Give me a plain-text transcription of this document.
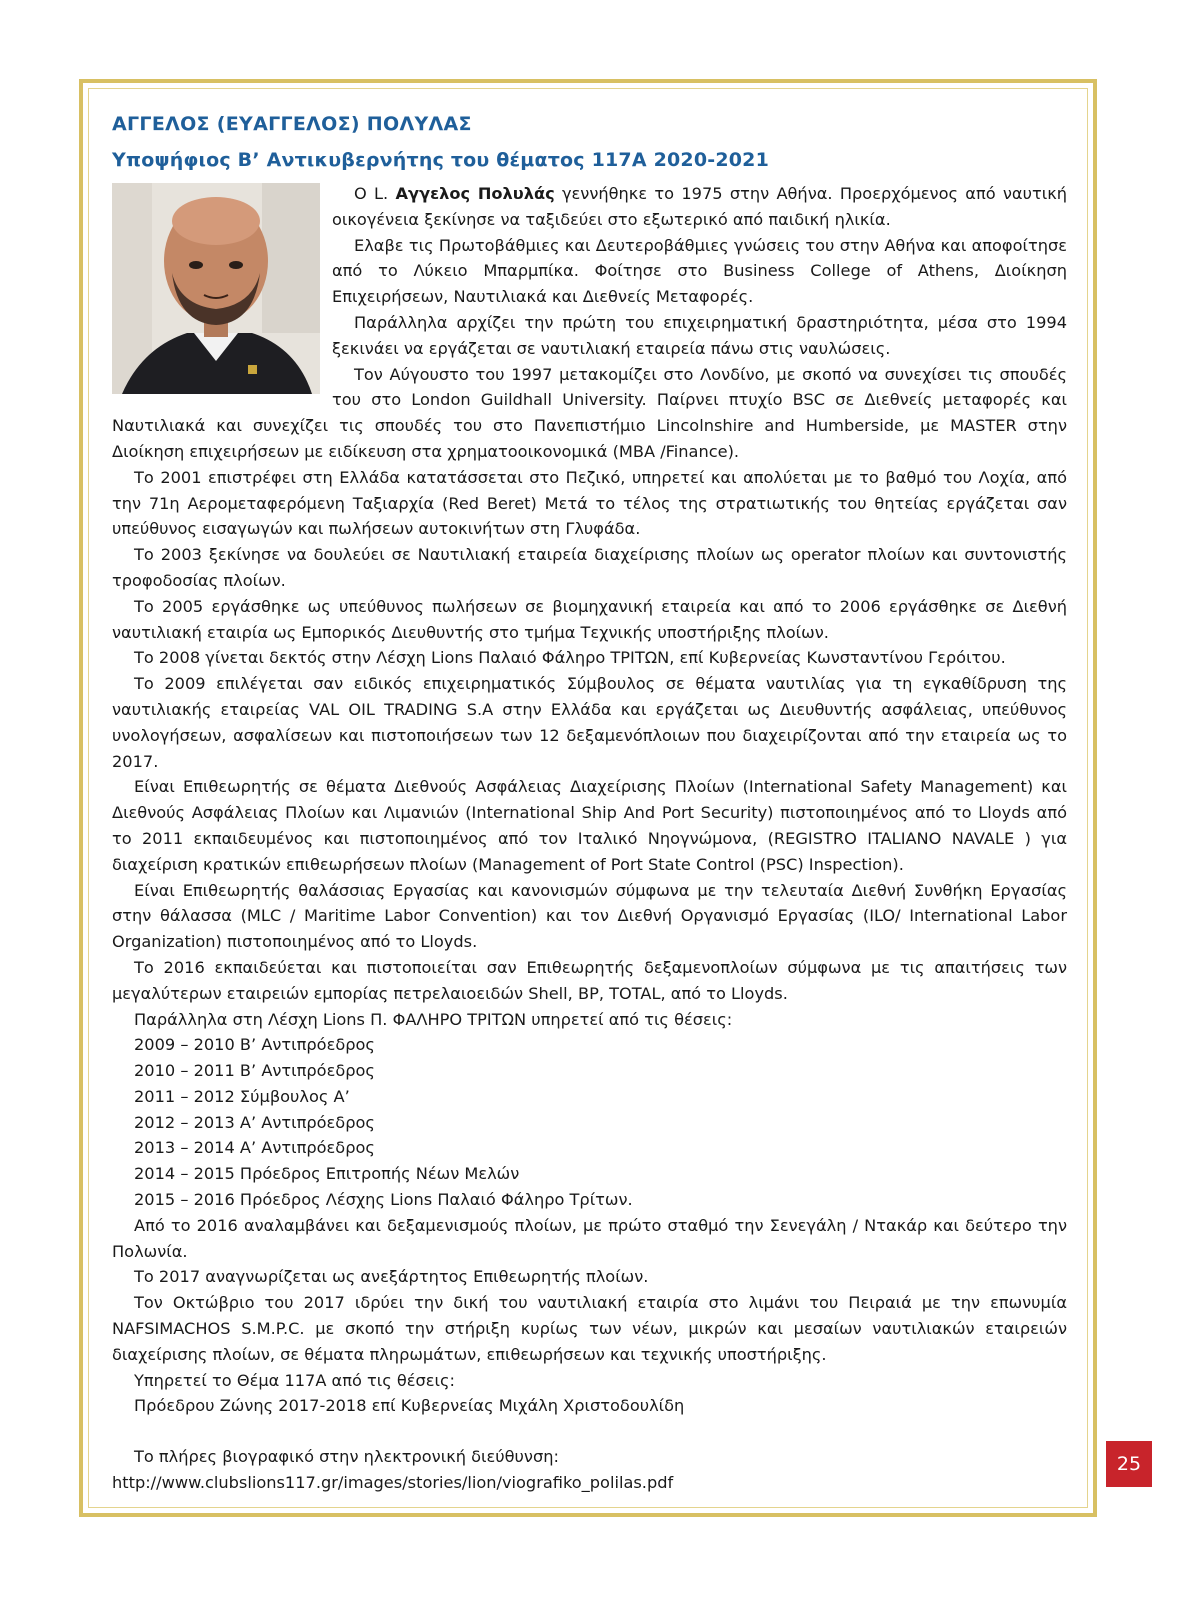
ΑΓΓΕΛΟΣ (ΕΥΑΓΓΕΛΟΣ) ΠΟΛΥΛΑΣ
Υποψήφιος Β’ Αντικυβερνήτης του θέματος 117Α 2020-2021

Ο L. Αγγελος Πολυλάς γεννήθηκε το 1975 στην Αθήνα. Προερχόμενος από ναυτική οικογένεια ξεκίνησε να ταξιδεύει στο εξωτερικό από παιδική ηλικία.

Ελαβε τις Πρωτοβάθμιες και Δευτεροβάθμιες γνώσεις του στην Αθήνα και αποφοίτησε από το Λύκειο Μπαρμπίκα. Φοίτησε στο Business College of Athens, Διοίκηση Επιχειρήσεων, Ναυτιλιακά και Διεθνείς Μεταφορές.

Παράλληλα αρχίζει την πρώτη του επιχειρηματική δραστηριότητα, μέσα στο 1994 ξεκινάει να εργάζεται σε ναυτιλιακή εταιρεία πάνω στις ναυλώσεις.

Τον Αύγουστο του 1997 μετακομίζει στο Λονδίνο, με σκοπό να συνεχίσει τις σπουδές του στο London Guildhall University. Παίρνει πτυχίο BSC σε Διεθνείς μεταφορές και Ναυτιλιακά και συνεχίζει τις σπουδές του στο Πανεπιστήμιο Lincolnshire and Humberside, με MASTER στην Διοίκηση επιχειρήσεων με ειδίκευση στα χρηματοοικονομικά (MBA /Finance).

Το 2001 επιστρέφει στη Ελλάδα κατατάσσεται στο Πεζικό, υπηρετεί και απολύεται με το βαθμό του Λοχία, από την 71η Αερομεταφερόμενη Ταξιαρχία (Red Beret) Μετά το τέλος της στρατιωτικής του θητείας εργάζεται σαν υπεύθυνος εισαγωγών και πωλήσεων αυτοκινήτων στη Γλυφάδα.

Το 2003 ξεκίνησε να δουλεύει σε Ναυτιλιακή εταιρεία διαχείρισης πλοίων ως operator πλοίων και συντονιστής τροφοδοσίας πλοίων.

Το 2005 εργάσθηκε ως υπεύθυνος πωλήσεων σε βιομηχανική εταιρεία και από το 2006 εργάσθηκε σε Διεθνή ναυτιλιακή εταιρία ως Εμπορικός Διευθυντής στο τμήμα Τεχνικής υποστήριξης πλοίων.

Το 2008 γίνεται δεκτός στην Λέσχη Lions Παλαιό Φάληρο ΤΡΙΤΩΝ, επί Κυβερνείας Κωνσταντίνου Γερόιτου.

Το 2009 επιλέγεται σαν ειδικός επιχειρηματικός Σύμβουλος σε θέματα ναυτιλίας για τη εγκαθίδρυση της ναυτιλιακής εταιρείας VAL OIL TRADING S.A στην Ελλάδα και εργάζεται ως Διευθυντής ασφάλειας, υπεύθυνος υνολογήσεων, ασφαλίσεων και πιστοποιήσεων των 12 δεξαμενόπλοιων που διαχειρίζονται από την εταιρεία ως το 2017.

Είναι Επιθεωρητής σε θέματα Διεθνούς Ασφάλειας Διαχείρισης Πλοίων (International Safety Management) και Διεθνούς Ασφάλειας Πλοίων και Λιμανιών (International Ship And Port Security) πιστοποιημένος από το Lloyds από το 2011 εκπαιδευμένος και πιστοποιημένος από τον Ιταλικό Νηογνώμονα, (REGISTRO ITALIANO NAVALE ) για διαχείριση κρατικών επιθεωρήσεων πλοίων (Management of Port State Control (PSC) Inspection).

Είναι Επιθεωρητής θαλάσσιας Εργασίας και κανονισμών σύμφωνα με την τελευταία Διεθνή Συνθήκη Εργασίας στην θάλασσα (MLC / Maritime Labor Convention) και τον Διεθνή Οργανισμό Εργασίας (ILO/ International Labor Organization) πιστοποιημένος από το Lloyds.

Το 2016 εκπαιδεύεται και πιστοποιείται σαν Επιθεωρητής δεξαμενοπλοίων σύμφωνα με τις απαιτήσεις των μεγαλύτερων εταιρειών εμπορίας πετρελαιοειδών Shell, BP, TOTAL, από το Lloyds.

Παράλληλα στη Λέσχη Lions Π. ΦΑΛΗΡΟ ΤΡΙΤΩΝ υπηρετεί από τις θέσεις:

2009 – 2010 Β’ Αντιπρόεδρος

2010 – 2011 Β’ Αντιπρόεδρος

2011 – 2012 Σύμβουλος Α’

2012 – 2013 Α’ Αντιπρόεδρος

2013 – 2014 Α’ Αντιπρόεδρος

2014 – 2015 Πρόεδρος Επιτροπής Νέων Μελών

2015 – 2016 Πρόεδρος Λέσχης Lions Παλαιό Φάληρο Τρίτων.

Από το 2016 αναλαμβάνει και δεξαμενισμούς πλοίων, με πρώτο σταθμό την Σενεγάλη / Ντακάρ και δεύτερο την Πολωνία.

Το 2017 αναγνωρίζεται ως ανεξάρτητος Επιθεωρητής πλοίων.

Τον Οκτώβριο του 2017 ιδρύει την δική του ναυτιλιακή εταιρία στο λιμάνι του Πειραιά με την επωνυμία NAFSIMACHOS S.M.P.C. με σκοπό την στήριξη κυρίως των νέων, μικρών και μεσαίων ναυτιλιακών εταιρειών διαχείρισης πλοίων, σε θέματα πληρωμάτων, επιθεωρήσεων και τεχνικής υποστήριξης.

Υπηρετεί το Θέμα 117Α από τις θέσεις:

Πρόεδρου Ζώνης 2017-2018 επί Κυβερνείας Μιχάλη Χριστοδουλίδη

Το πλήρες βιογραφικό στην ηλεκτρονική διεύθυνση:

http://www.clubslions117.gr/images/stories/lion/viografiko_polilas.pdf

25
